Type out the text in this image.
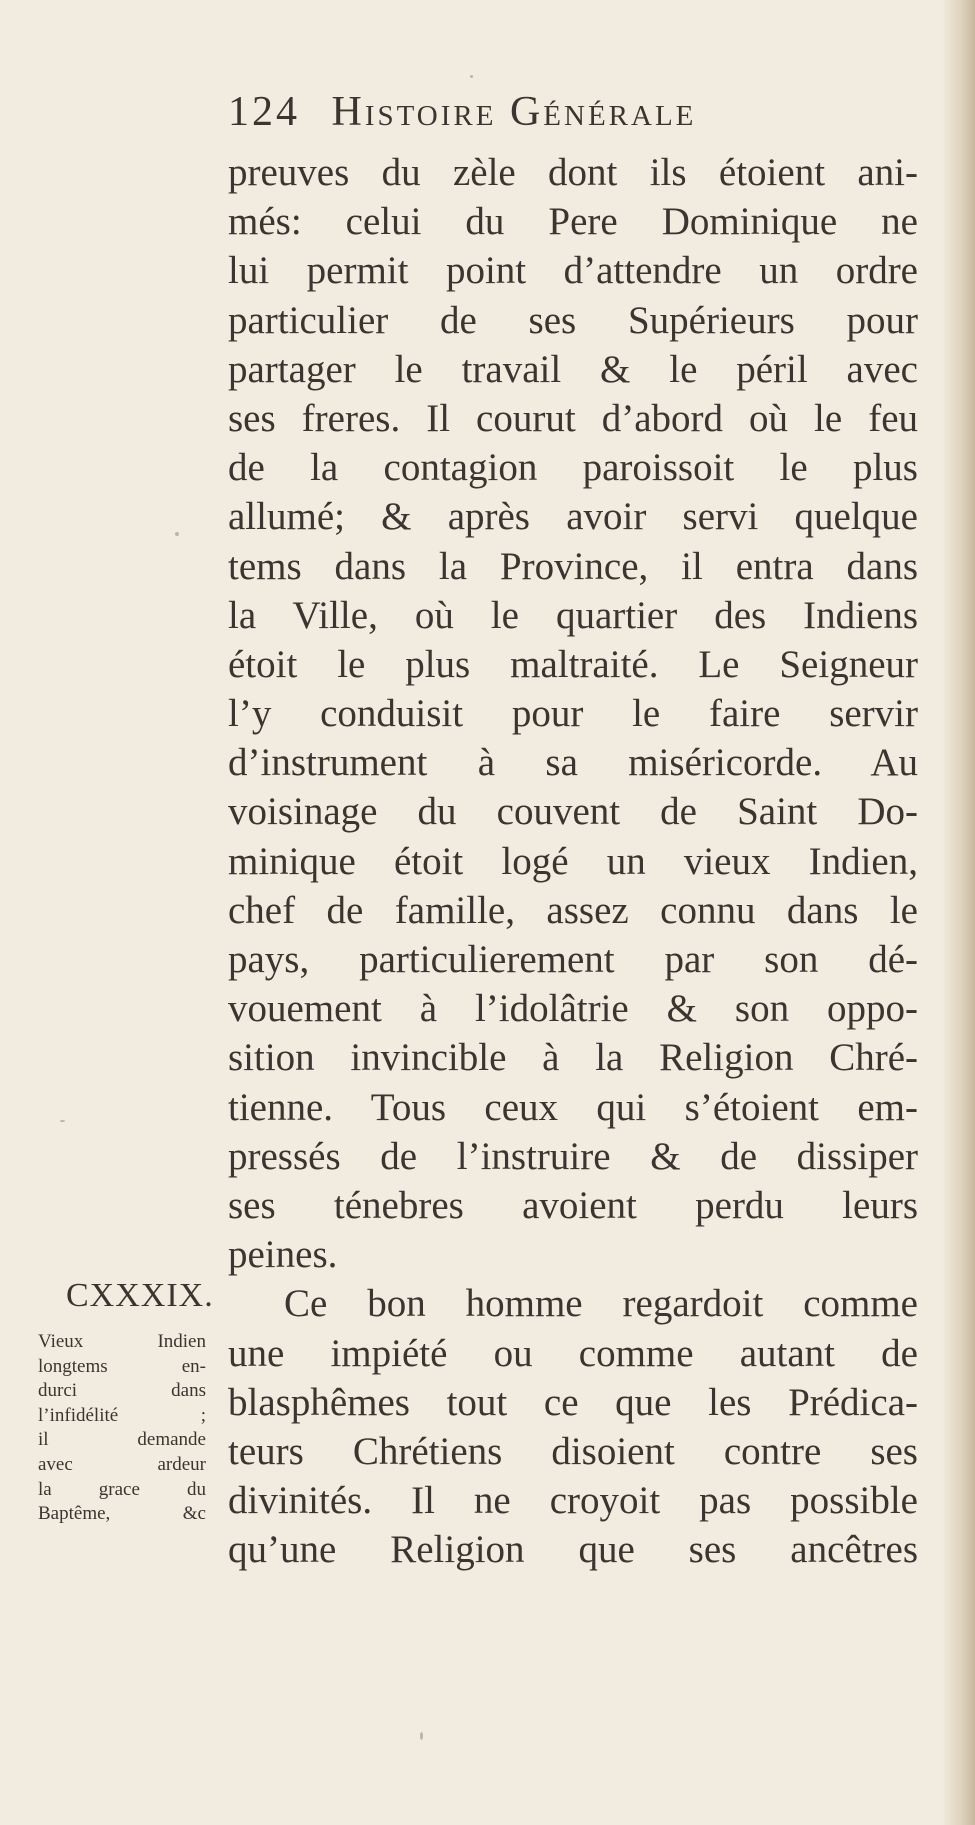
124 Histoire Générale
preuves du zèle dont ils étoient ani-
més: celui du Pere Dominique ne
lui permit point d’attendre un ordre
particulier de ses Supérieurs pour
partager le travail & le péril avec
ses freres. Il courut d’abord où le feu
de la contagion paroissoit le plus
allumé; & après avoir servi quelque
tems dans la Province, il entra dans
la Ville, où le quartier des Indiens
étoit le plus maltraité. Le Seigneur
l’y conduisit pour le faire servir
d’instrument à sa miséricorde. Au
voisinage du couvent de Saint Do-
minique étoit logé un vieux Indien,
chef de famille, assez connu dans le
pays, particulierement par son dé-
vouement à l’idolâtrie & son oppo-
sition invincible à la Religion Chré-
tienne. Tous ceux qui s’étoient em-
pressés de l’instruire & de dissiper
ses ténebres avoient perdu leurs
peines.
Ce bon homme regardoit comme
une impiété ou comme autant de
blasphêmes tout ce que les Prédica-
teurs Chrétiens disoient contre ses
divinités. Il ne croyoit pas possible
qu’une Religion que ses ancêtres
CXXXIX.
Vieux Indien
longtems en-
durci dans
l’infidélité ;
il demande
avec ardeur
la grace du
Baptême, &c
